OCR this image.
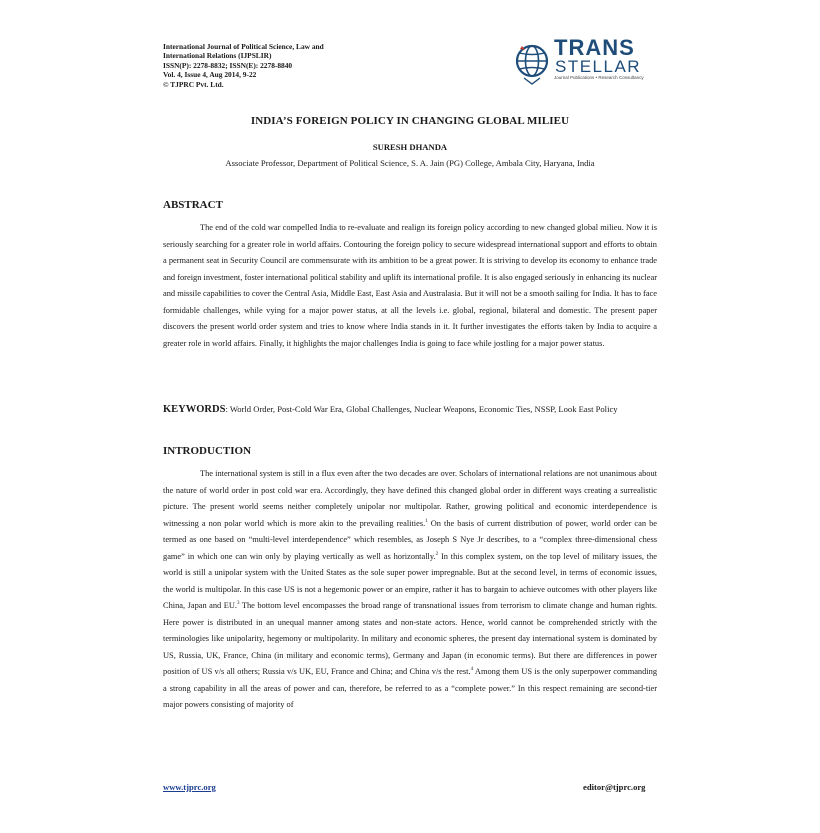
International Journal of Political Science, Law and
International Relations (IJPSLIR)
ISSN(P): 2278-8832; ISSN(E): 2278-8840
Vol. 4, Issue 4, Aug 2014, 9-22
© TJPRC Pvt. Ltd.
TRANS
STELLAR
Journal Publications • Research Consultancy
INDIA’S FOREIGN POLICY IN CHANGING GLOBAL MILIEU
SURESH DHANDA
Associate Professor, Department of Political Science, S. A. Jain (PG) College, Ambala City, Haryana, India
ABSTRACT

The end of the cold war compelled India to re-evaluate and realign its foreign policy according to new changed global milieu. Now it is seriously searching for a greater role in world affairs. Contouring the foreign policy to secure widespread international support and efforts to obtain a permanent seat in Security Council are commensurate with its ambition to be a great power. It is striving to develop its economy to enhance trade and foreign investment, foster international political stability and uplift its international profile. It is also engaged seriously in enhancing its nuclear and missile capabilities to cover the Central Asia, Middle East, East Asia and Australasia. But it will not be a smooth sailing for India. It has to face formidable challenges, while vying for a major power status, at all the levels i.e. global, regional, bilateral and domestic. The present paper discovers the present world order system and tries to know where India stands in it. It further investigates the efforts taken by India to acquire a greater role in world affairs. Finally, it highlights the major challenges India is going to face while jostling for a major power status.

KEYWORDS: World Order, Post-Cold War Era, Global Challenges, Nuclear Weapons, Economic Ties, NSSP, Look East Policy
INTRODUCTION

The international system is still in a flux even after the two decades are over. Scholars of international relations are not unanimous about the nature of world order in post cold war era. Accordingly, they have defined this changed global order in different ways creating a surrealistic picture. The present world seems neither completely unipolar nor multipolar. Rather, growing political and economic interdependence is witnessing a non polar world which is more akin to the prevailing realities.$^1$ On the basis of current distribution of power, world order can be termed as one based on “multi-level interdependence” which resembles, as Joseph S Nye Jr describes, to a “complex three-dimensional chess game” in which one can win only by playing vertically as well as horizontally.$^2$ In this complex system, on the top level of military issues, the world is still a unipolar system with the United States as the sole super power impregnable. But at the second level, in terms of economic issues, the world is multipolar. In this case US is not a hegemonic power or an empire, rather it has to bargain to achieve outcomes with other players like China, Japan and EU.$^3$ The bottom level encompasses the broad range of transnational issues from terrorism to climate change and human rights. Here power is distributed in an unequal manner among states and non-state actors. Hence, world cannot be comprehended strictly with the terminologies like unipolarity, hegemony or multipolarity. In military and economic spheres, the present day international system is dominated by US, Russia, UK, France, China (in military and economic terms), Germany and Japan (in economic terms). But there are differences in power position of US v/s all others; Russia v/s UK, EU, France and China; and China v/s the rest.$^4$ Among them US is the only superpower commanding a strong capability in all the areas of power and can, therefore, be referred to as a “complete power.” In this respect remaining are second-tier major powers consisting of majority of

www.tjprc.org	editor@tjprc.org
